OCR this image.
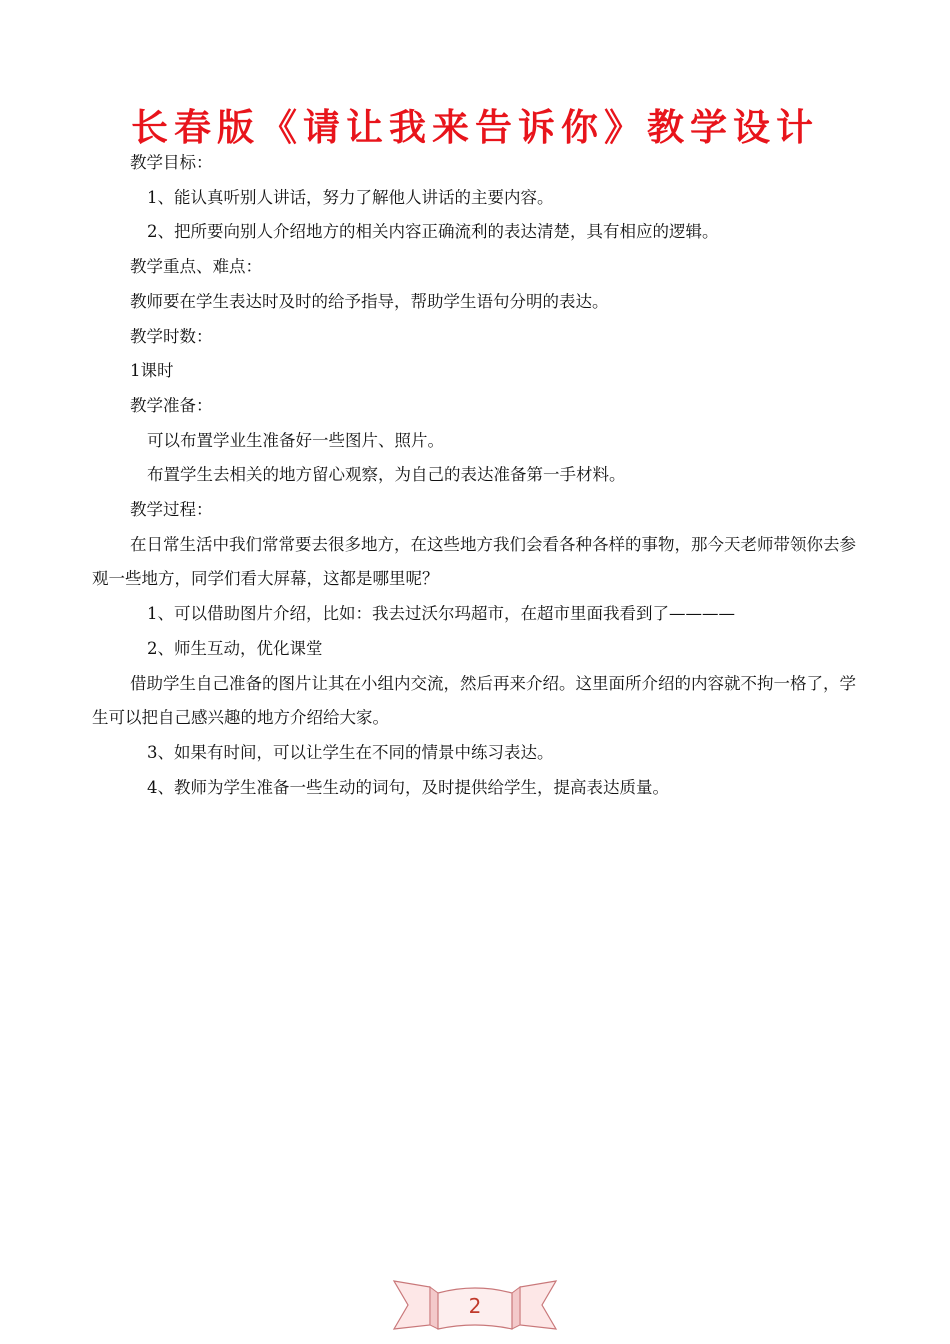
长春版《请让我来告诉你》教学设计

教学目标：

1、能认真听别人讲话，努力了解他人讲话的主要内容。

2、把所要向别人介绍地方的相关内容正确流利的表达清楚，具有相应的逻辑。

教学重点、难点：

教师要在学生表达时及时的给予指导，帮助学生语句分明的表达。

教学时数：

1课时

教学准备：

可以布置学业生准备好一些图片、照片。

布置学生去相关的地方留心观察，为自己的表达准备第一手材料。

教学过程：

在日常生活中我们常常要去很多地方，在这些地方我们会看各种各样的事物，那今天老师带领你去参观一些地方，同学们看大屏幕，这都是哪里呢？

1、可以借助图片介绍，比如：我去过沃尔玛超市，在超市里面我看到了————

2、师生互动，优化课堂

借助学生自己准备的图片让其在小组内交流，然后再来介绍。这里面所介绍的内容就不拘一格了，学生可以把自己感兴趣的地方介绍给大家。

3、如果有时间，可以让学生在不同的情景中练习表达。

4、教师为学生准备一些生动的词句，及时提供给学生，提高表达质量。

2
